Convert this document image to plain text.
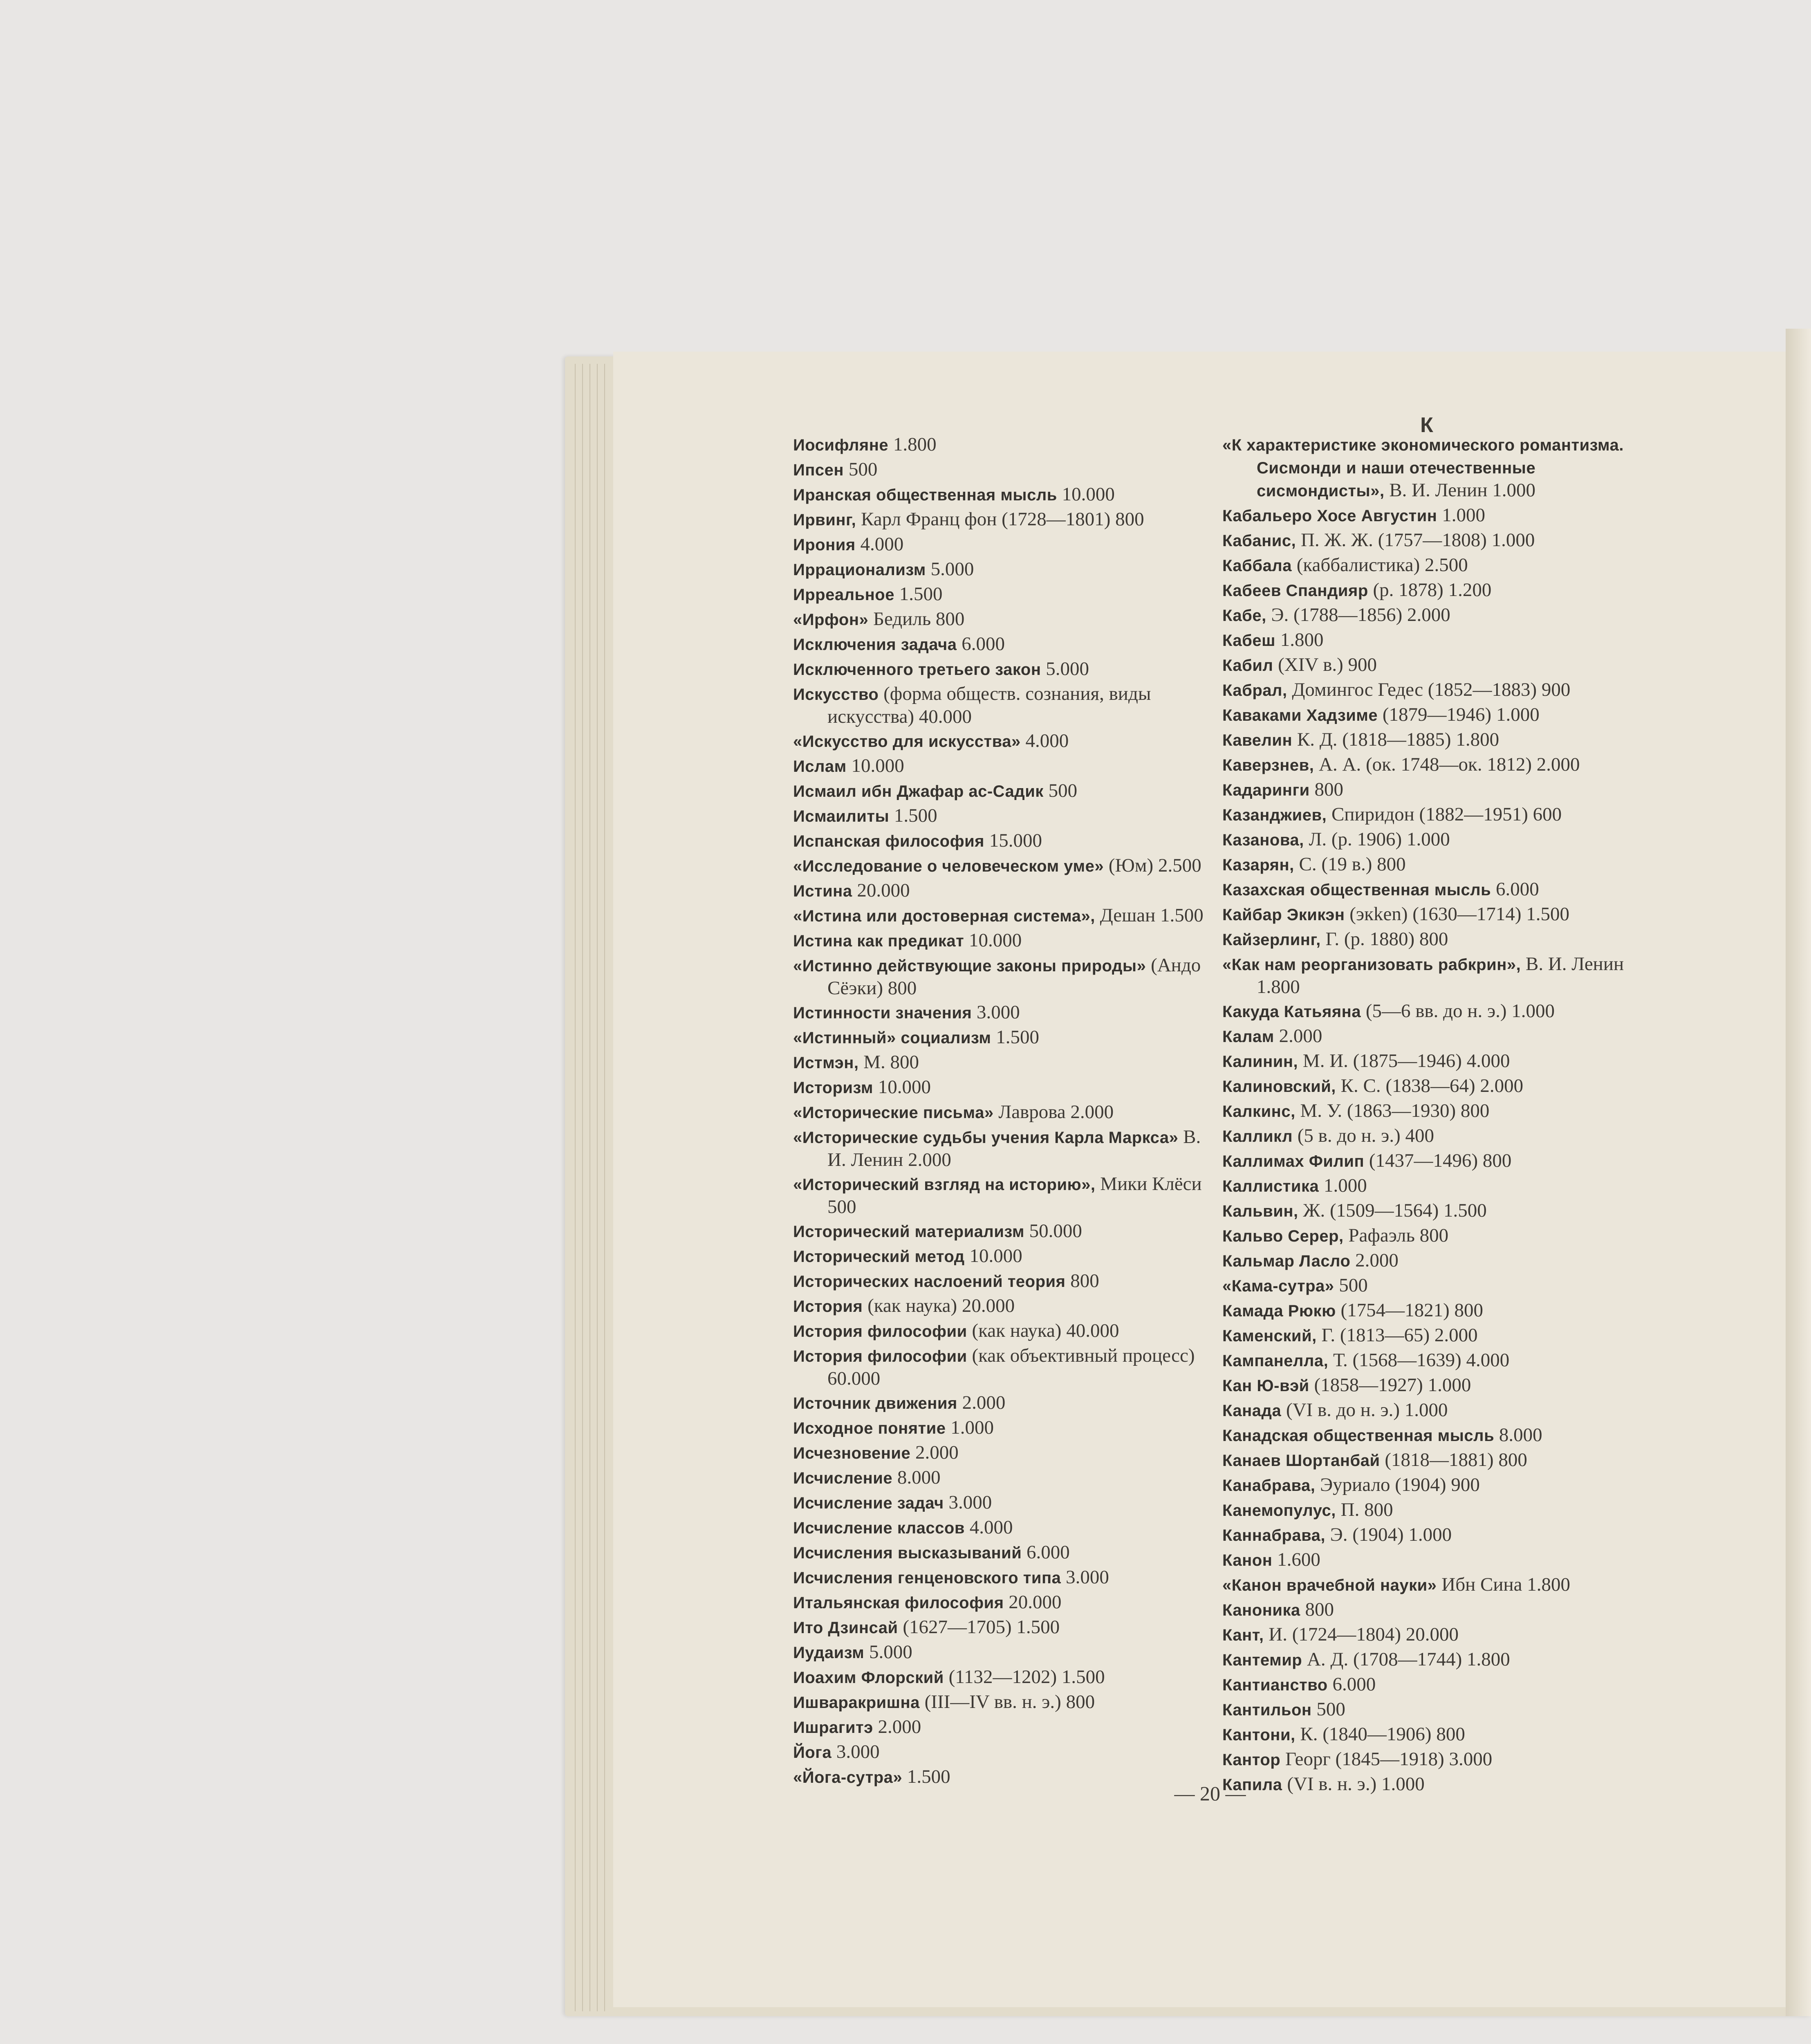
Иосифляне 1.800
Ипсен 500
Иранская общественная мысль 10.000
Ирвинг, Карл Франц фон (1728—1801) 800
Ирония 4.000
Иррационализм 5.000
Ирреальное 1.500
«Ирфон» Бедиль 800
Исключения задача 6.000
Исключенного третьего закон 5.000
Искусство (форма обществ. сознания, виды искусства) 40.000
«Искусство для искусства» 4.000
Ислам 10.000
Исмаил ибн Джафар ас-Садик 500
Исмаилиты 1.500
Испанская философия 15.000
«Исследование о человеческом уме» (Юм) 2.500
Истина 20.000
«Истина или достоверная система», Дешан 1.500
Истина как предикат 10.000
«Истинно действующие законы природы» (Андо Сёэки) 800
Истинности значения 3.000
«Истинный» социализм 1.500
Истмэн, М. 800
Историзм 10.000
«Исторические письма» Лаврова 2.000
«Исторические судьбы учения Карла Маркса» В. И. Ленин 2.000
«Исторический взгляд на историю», Мики Клёси 500
Исторический материализм 50.000
Исторический метод 10.000
Исторических наслоений теория 800
История (как наука) 20.000
История философии (как наука) 40.000
История философии (как объективный процесс) 60.000
Источник движения 2.000
Исходное понятие 1.000
Исчезновение 2.000
Исчисление 8.000
Исчисление задач 3.000
Исчисление классов 4.000
Исчисления высказываний 6.000
Исчисления генценовского типа 3.000
Итальянская философия 20.000
Ито Дзинсай (1627—1705) 1.500
Иудаизм 5.000
Иоахим Флорский (1132—1202) 1.500
Ишваракришна (III—IV вв. н. э.) 800
Ишрагитэ 2.000
Йога 3.000
«Йога-сутра» 1.500
К
«К характеристике экономического романтизма. Сисмонди и наши отечественные сисмондисты», В. И. Ленин 1.000
Кабальеро Хосе Августин 1.000
Кабанис, П. Ж. Ж. (1757—1808) 1.000
Каббала (каббалистика) 2.500
Кабеев Спандияр (р. 1878) 1.200
Кабе, Э. (1788—1856) 2.000
Кабеш 1.800
Кабил (XIV в.) 900
Кабрал, Домингос Гедес (1852—1883) 900
Каваками Хадзиме (1879—1946) 1.000
Кавелин К. Д. (1818—1885) 1.800
Каверзнев, А. А. (ок. 1748—ок. 1812) 2.000
Кадаринги 800
Казанджиев, Спиридон (1882—1951) 600
Казанова, Л. (р. 1906) 1.000
Казарян, С. (19 в.) 800
Казахская общественная мысль 6.000
Кайбар Экикэн (экken) (1630—1714) 1.500
Кайзерлинг, Г. (р. 1880) 800
«Как нам реорганизовать рабкрин», В. И. Ленин 1.800
Какуда Катьяяна (5—6 вв. до н. э.) 1.000
Калам 2.000
Калинин, М. И. (1875—1946) 4.000
Калиновский, К. С. (1838—64) 2.000
Калкинс, М. У. (1863—1930) 800
Калликл (5 в. до н. э.) 400
Каллимах Филип (1437—1496) 800
Каллистика 1.000
Кальвин, Ж. (1509—1564) 1.500
Кальво Серер, Рафаэль 800
Кальмар Ласло 2.000
«Кама-сутра» 500
Камада Рюкю (1754—1821) 800
Каменский, Г. (1813—65) 2.000
Кампанелла, Т. (1568—1639) 4.000
Кан Ю-вэй (1858—1927) 1.000
Канада (VI в. до н. э.) 1.000
Канадская общественная мысль 8.000
Канаев Шортанбай (1818—1881) 800
Канабрава, Эуриало (1904) 900
Канемопулус, П. 800
Каннабрава, Э. (1904) 1.000
Канон 1.600
«Канон врачебной науки» Ибн Сина 1.800
Каноника 800
Кант, И. (1724—1804) 20.000
Кантемир А. Д. (1708—1744) 1.800
Кантианство 6.000
Кантильон 500
Кантони, К. (1840—1906) 800
Кантор Георг (1845—1918) 3.000
Капила (VI в. н. э.) 1.000
— 20 —
